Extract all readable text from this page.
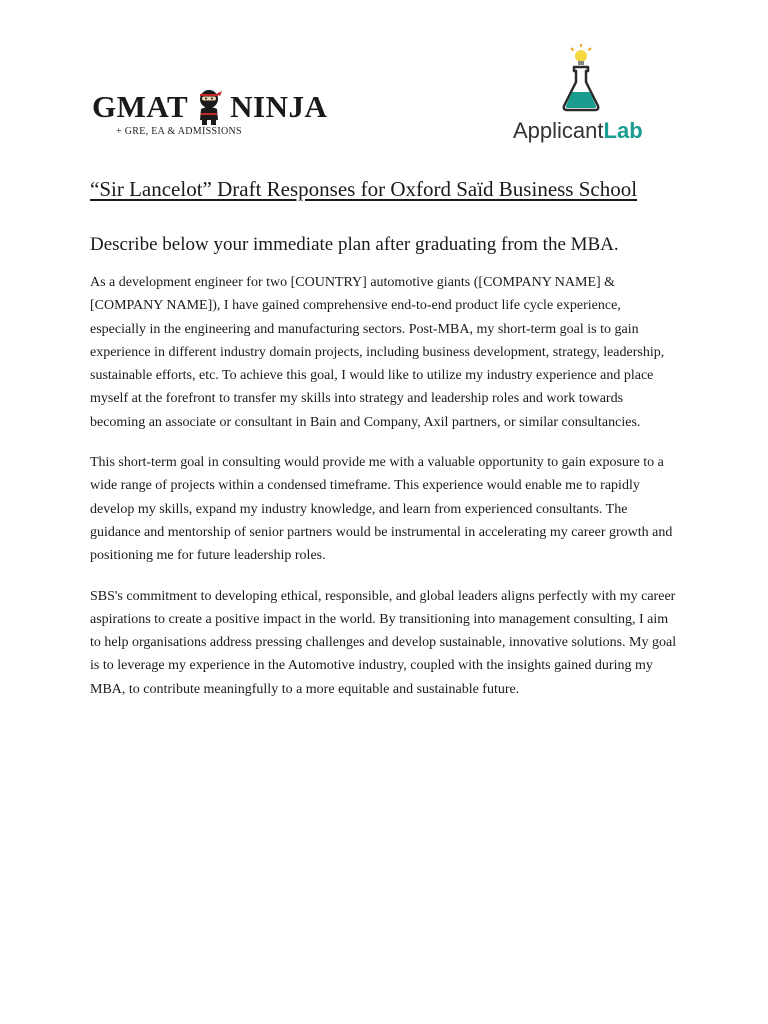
GMAT NINJA
+ GRE, EA & ADMISSIONS	ApplicantLab
“Sir Lancelot” Draft Responses for Oxford Saïd Business School
Describe below your immediate plan after graduating from the MBA.

As a development engineer for two [COUNTRY] automotive giants ([COMPANY NAME] & [COMPANY NAME]), I have gained comprehensive end-to-end product life cycle experience, especially in the engineering and manufacturing sectors. Post-MBA, my short-term goal is to gain experience in different industry domain projects, including business development, strategy, leadership, sustainable efforts, etc. To achieve this goal, I would like to utilize my industry experience and place myself at the forefront to transfer my skills into strategy and leadership roles and work towards becoming an associate or consultant in Bain and Company, Axil partners, or similar consultancies.

This short-term goal in consulting would provide me with a valuable opportunity to gain exposure to a wide range of projects within a condensed timeframe. This experience would enable me to rapidly develop my skills, expand my industry knowledge, and learn from experienced consultants. The guidance and mentorship of senior partners would be instrumental in accelerating my career growth and positioning me for future leadership roles.

SBS's commitment to developing ethical, responsible, and global leaders aligns perfectly with my career aspirations to create a positive impact in the world. By transitioning into management consulting, I aim to help organisations address pressing challenges and develop sustainable, innovative solutions. My goal is to leverage my experience in the Automotive industry, coupled with the insights gained during my MBA, to contribute meaningfully to a more equitable and sustainable future.
